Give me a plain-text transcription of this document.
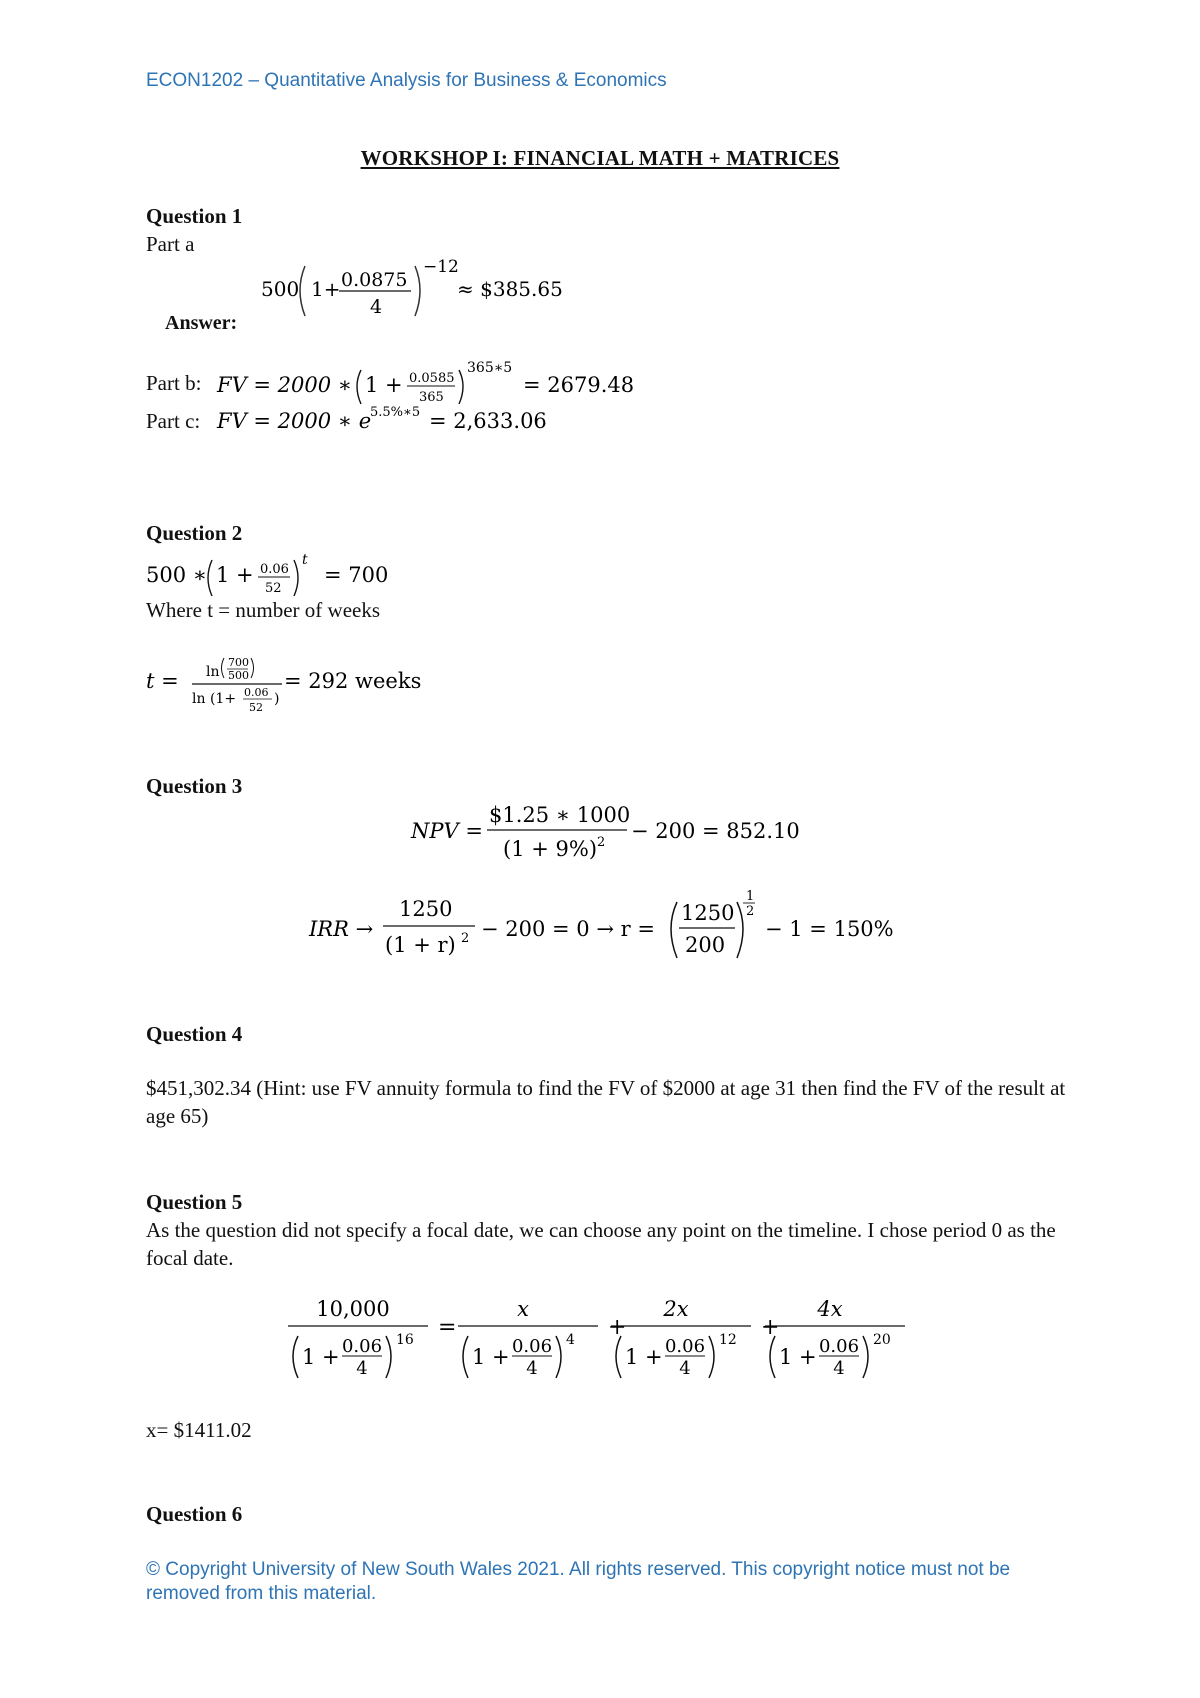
ECON1202 – Quantitative Analysis for Business & Economics
WORKSHOP I: FINANCIAL MATH + MATRICES
Question 1
Part a
500 1+ 0.0875
4
−12
≈ $385.65
Answer:
Part b: FV = 2000 ∗ 1 + 0.0585
365
365∗5
= 2679.48
Part c: FV = 2000 ∗ e
5.5%∗5 = 2,633.06
Question 2
500 ∗ 1 + 0.06
52
t
= 700
Where t = number of weeks
t = ln
700
500
ln (1+ 0.06
52
)
= 292 weeks
Question 3
NPV =
$1.25 ∗ 1000
(1 + 9%) 2 − 200 = 852.10
IRR →
1250
(1 + r) 2 − 200 = 0 → r =
1250
200
1
2
− 1 = 150%
Question 4
$451,302.34 (Hint: use FV annuity formula to find the FV of $2000 at age 31 then find the FV of the result at age 65)
Question 5
As the question did not specify a focal date, we can choose any point on the timeline. I chose period 0 as the focal date.
10,000
1 + 0.06
4
16 =
x
1 + 0.06
4
4 +
2x
1 + 0.06
4
12 +
4x
1 + 0.06
4
20
x= $1411.02
Question 6
© Copyright University of New South Wales 2021. All rights reserved. This copyright notice must not be removed from this material.
